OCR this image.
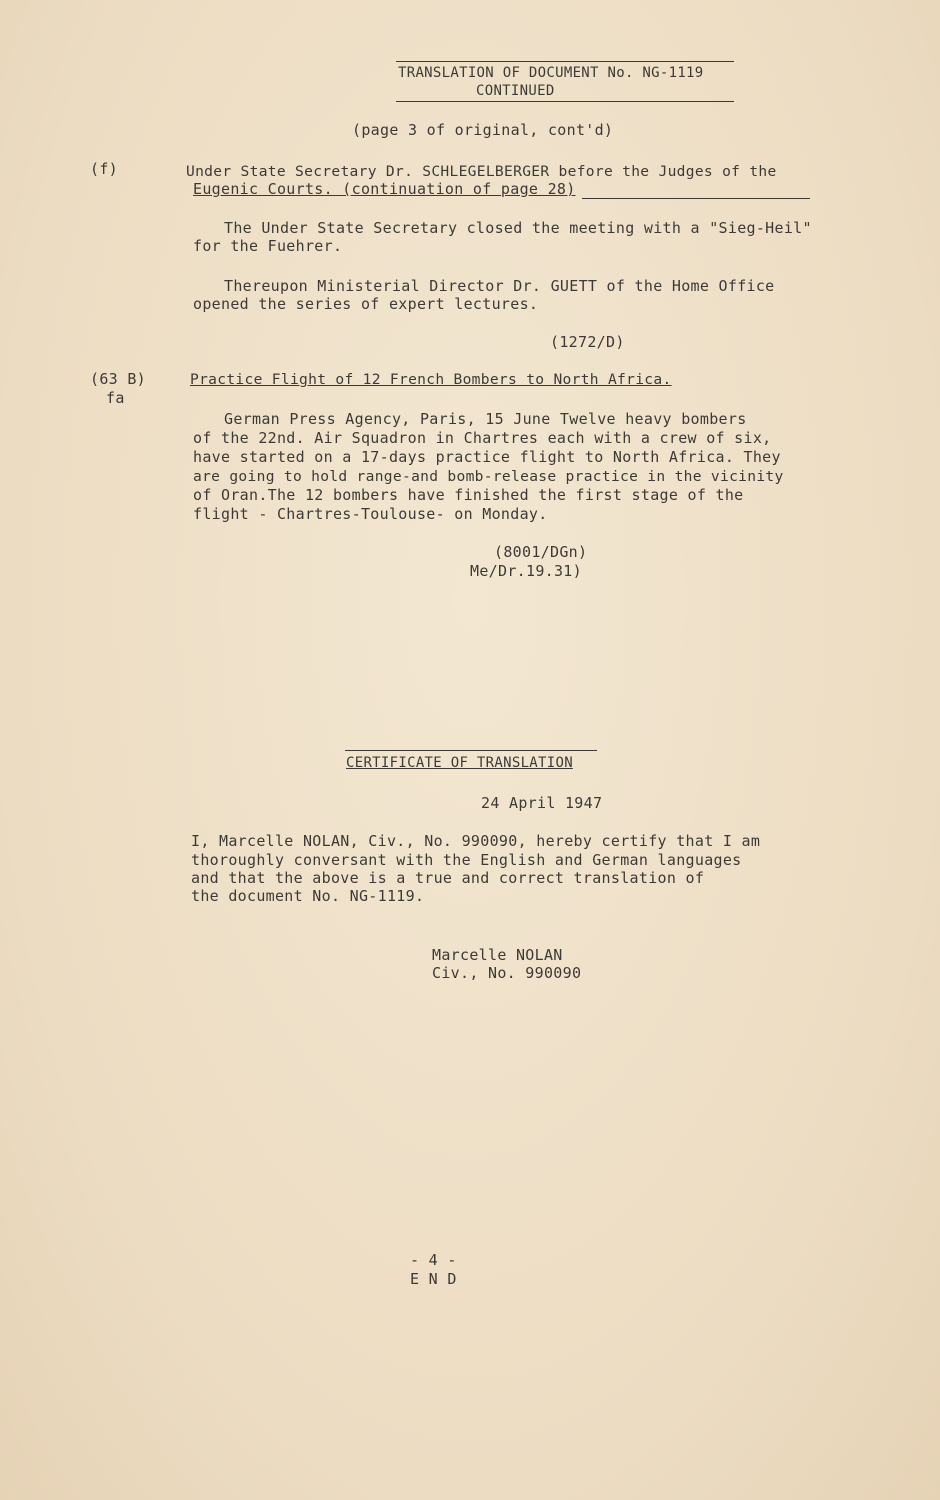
TRANSLATION OF DOCUMENT No. NG-1119
CONTINUED
(page 3 of original, cont'd)
(f)	Under State Secretary Dr. SCHLEGELBERGER before the Judges of the
Eugenic Courts. (continuation of page 28)
The Under State Secretary closed the meeting with a "Sieg-Heil"
for the Fuehrer.
Thereupon Ministerial Director Dr. GUETT of the Home Office
opened the series of expert lectures.
(1272/D)
(63 B)
fa
Practice Flight of 12 French Bombers to North Africa.
German Press Agency, Paris, 15 June Twelve heavy bombers
of the 22nd. Air Squadron in Chartres each with a crew of six,
have started on a 17-days practice flight to North Africa. They
are going to hold range-and bomb-release practice in the vicinity
of Oran.The 12 bombers have finished the first stage of the
flight - Chartres-Toulouse- on Monday.
(8001/DGn)
Me/Dr.19.31)
CERTIFICATE OF TRANSLATION
24 April 1947
I, Marcelle NOLAN, Civ., No. 990090, hereby certify that I am
thoroughly conversant with the English and German languages
and that the above is a true and correct translation of
the document No. NG-1119.
Marcelle NOLAN
Civ., No. 990090
- 4 -
E N D
